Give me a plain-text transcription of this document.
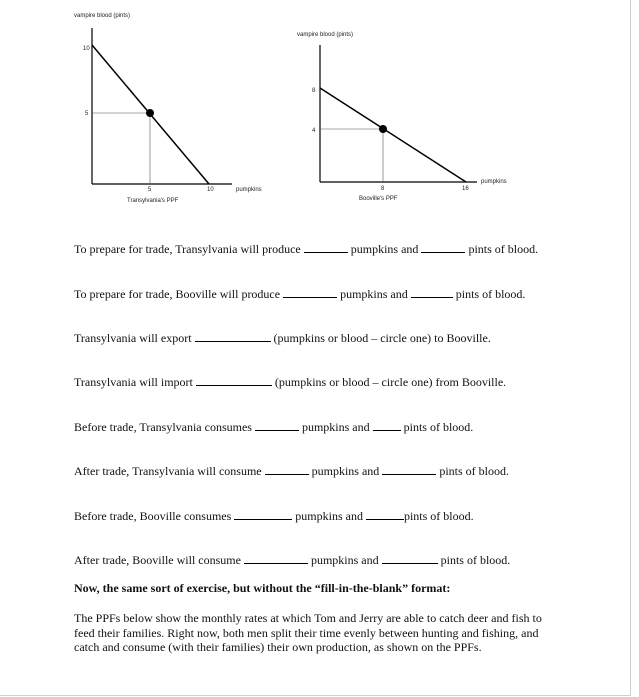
vampire blood (pints)
10
5
5	10	pumpkins
Transylvania's PPF
vampire blood (pints)
8
4
8	16
pumpkins
Booville's PPF
To prepare for trade, Transylvania will produce	pumpkins and	pints of blood.
To prepare for trade, Booville will produce	pumpkins and	pints of blood.
Transylvania will export	(pumpkins or blood – circle one) to Booville.
Transylvania will import	(pumpkins or blood – circle one) from Booville.
Before trade, Transylvania consumes	pumpkins and	pints of blood.
After trade, Transylvania will consume	pumpkins and	pints of blood.
Before trade, Booville consumes	pumpkins and	pints of blood.
After trade, Booville will consume	pumpkins and	pints of blood.
Now, the same sort of exercise, but without the “fill-in-the-blank” format:
The PPFs below show the monthly rates at which Tom and Jerry are able to catch deer and fish to feed their families. Right now, both men split their time evenly between hunting and fishing, and catch and consume (with their families) their own production, as shown on the PPFs.
